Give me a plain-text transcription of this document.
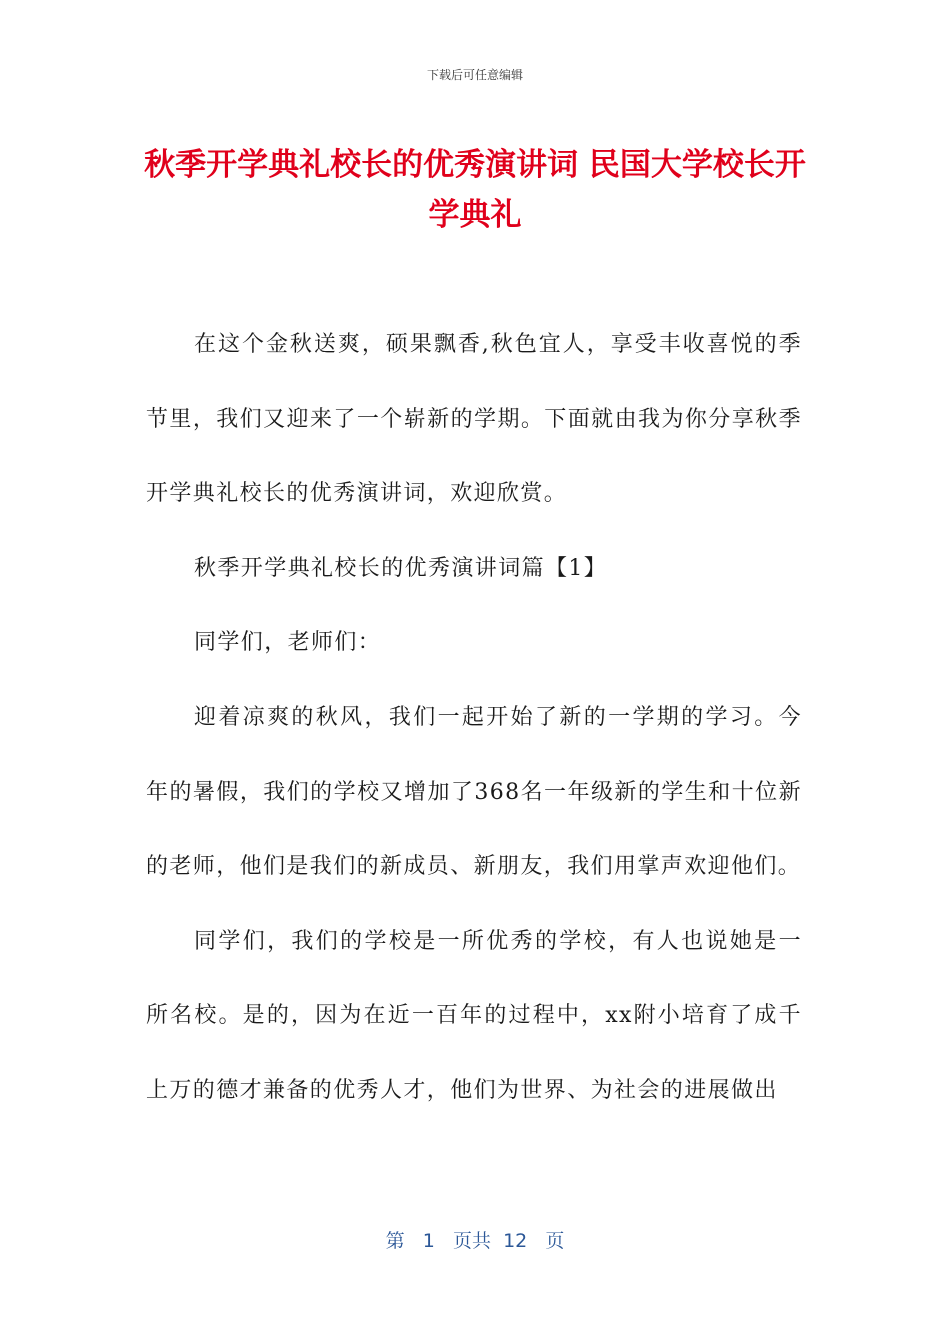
下载后可任意编辑
秋季开学典礼校长的优秀演讲词 民国大学校长开学典礼

在这个金秋送爽，硕果飘香,秋色宜人，享受丰收喜悦的季节里，我们又迎来了一个崭新的学期。下面就由我为你分享秋季开学典礼校长的优秀演讲词，欢迎欣赏。

秋季开学典礼校长的优秀演讲词篇【1】

同学们，老师们：

迎着凉爽的秋风，我们一起开始了新的一学期的学习。今年的暑假，我们的学校又增加了368名一年级新的学生和十位新的老师，他们是我们的新成员、新朋友，我们用掌声欢迎他们。

同学们，我们的学校是一所优秀的学校，有人也说她是一所名校。是的，因为在近一百年的过程中，xx附小培育了成千上万的德才兼备的优秀人才，他们为世界、为社会的进展做出

第 1 页共 12 页
